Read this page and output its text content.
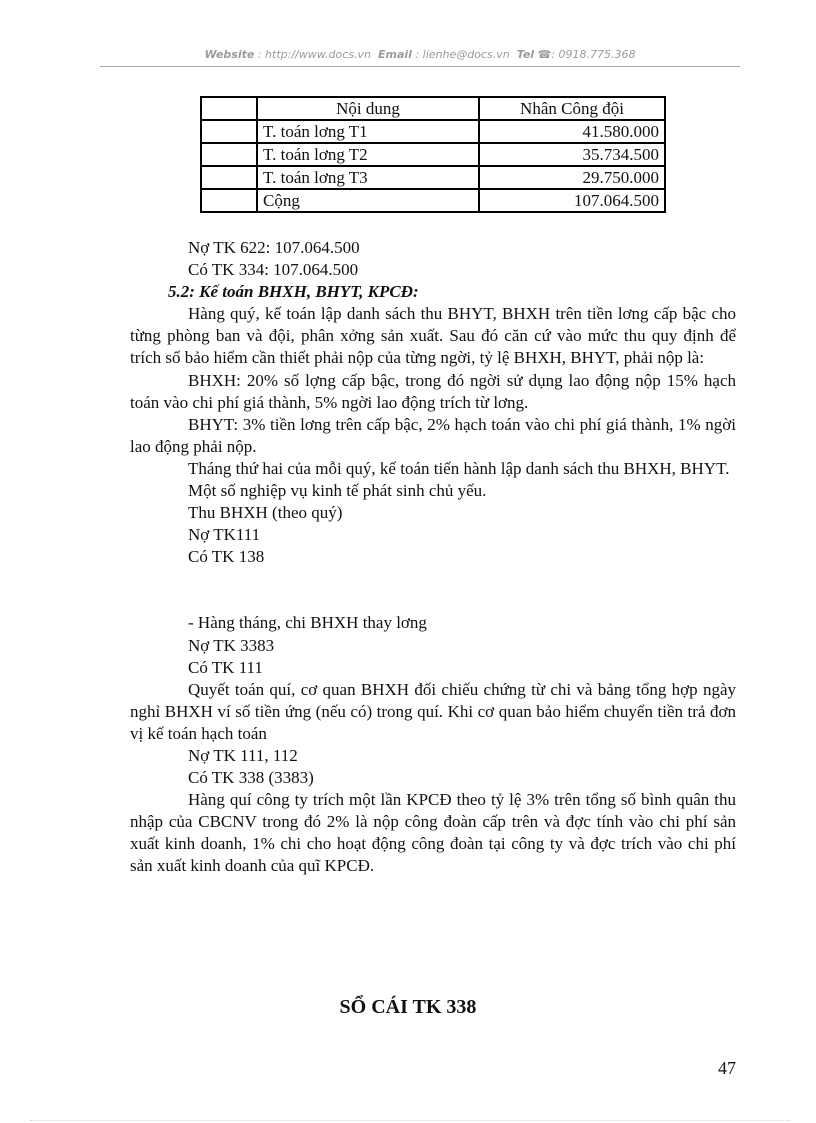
Website : http://www.docs.vn Email : lienhe@docs.vn Tel ☎: 0918.775.368
	Nội dung	Nhân Công đội
	T. toán lơng T1	41.580.000
	T. toán lơng T2	35.734.500
	T. toán lơng T3	29.750.000
	Cộng	107.064.500

Nợ TK 622: 107.064.500

Có TK 334: 107.064.500

5.2: Kế toán BHXH, BHYT, KPCĐ:

Hàng quý, kế toán lập danh sách thu BHYT, BHXH trên tiền lơng cấp bậc cho từng phòng ban và đội, phân xởng sản xuất. Sau đó căn cứ vào mức thu quy định để trích số bảo hiểm cần thiết phải nộp của từng ngời, tỷ lệ BHXH, BHYT, phải nộp là:

BHXH: 20% số lợng cấp bậc, trong đó ngời sử dụng lao động nộp 15% hạch toán vào chi phí giá thành, 5% ngời lao động trích từ lơng.

BHYT: 3% tiền lơng trên cấp bậc, 2% hạch toán vào chi phí giá thành, 1% ngời lao động phải nộp.

Tháng thứ hai của mỗi quý, kế toán tiến hành lập danh sách thu BHXH, BHYT.

Một số nghiệp vụ kinh tế phát sinh chủ yếu.

Thu BHXH (theo quý)

Nợ TK111

Có TK 138

- Hàng tháng, chi BHXH thay lơng

Nợ TK 3383

Có TK 111

Quyết toán quí, cơ quan BHXH đối chiếu chứng từ chi và bảng tổng hợp ngày nghỉ BHXH ví số tiền ứng (nếu có) trong quí. Khi cơ quan bảo hiểm chuyển tiền trả đơn vị kế toán hạch toán

Nợ TK 111, 112

Có TK 338 (3383)

Hàng quí công ty trích một lần KPCĐ theo tỷ lệ 3% trên tổng số bình quân thu nhập của CBCNV trong đó 2% là nộp công đoàn cấp trên và đợc tính vào chi phí sản xuất kinh doanh, 1% chi cho hoạt động công đoàn tại công ty và đợc trích vào chi phí sản xuất kinh doanh của quĩ KPCĐ.

SỔ CÁI TK 338
47
